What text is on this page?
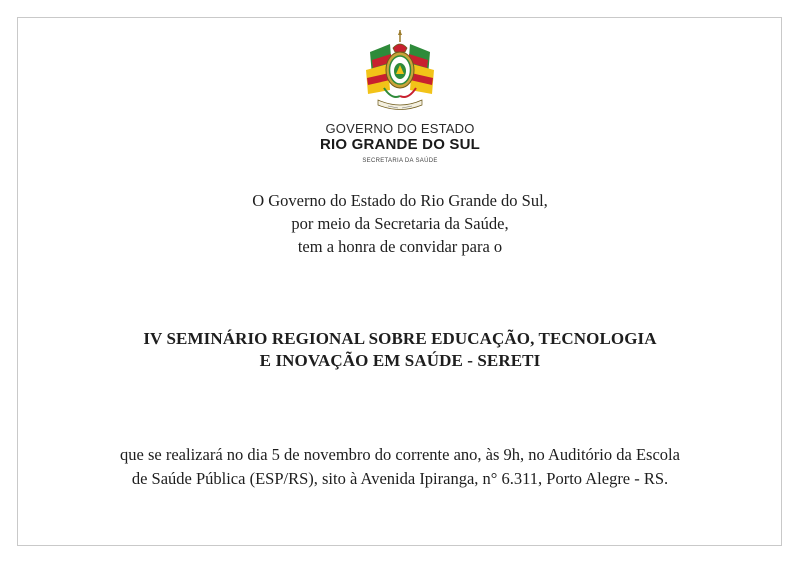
GOVERNO DO ESTADO
RIO GRANDE DO SUL
SECRETARIA DA SAÚDE
O Governo do Estado do Rio Grande do Sul,
por meio da Secretaria da Saúde,
tem a honra de convidar para o
IV SEMINÁRIO REGIONAL SOBRE EDUCAÇÃO, TECNOLOGIA
E INOVAÇÃO EM SAÚDE - SERETI
que se realizará no dia 5 de novembro do corrente ano, às 9h, no Auditório da Escola
de Saúde Pública (ESP/RS), sito à Avenida Ipiranga, n° 6.311, Porto Alegre - RS.
